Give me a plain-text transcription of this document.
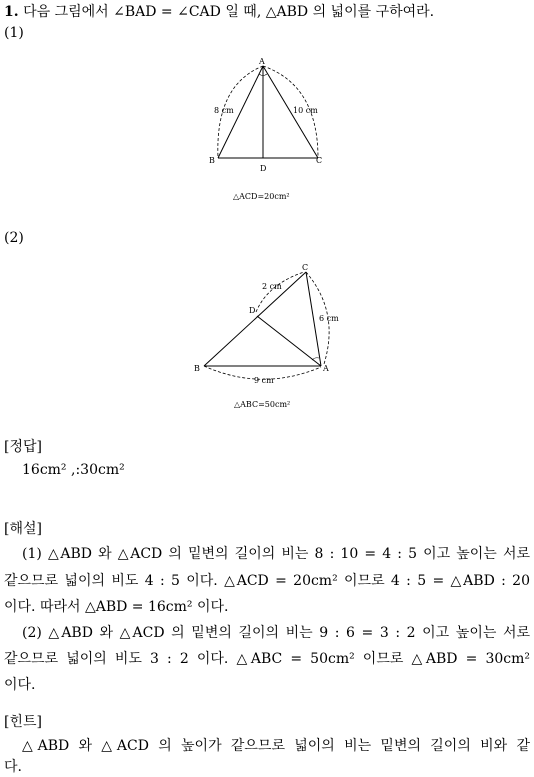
1. 다음 그림에서 ∠BAD = ∠CAD 일 때, △ABD 의 넓이를 구하여라.
(1)
A
B	C
D
8 cm	10 cm
△ACD=20cm²
(2)
C
D
B	A
2 cm
6 cm
9 cm
△ABC=50cm²
[정답]
16cm² ,:30cm²
[해설]
(1) △ABD 와 △ACD 의 밑변의 길이의 비는 8 : 10 = 4 : 5 이고 높이는 서로
같으므로 넓이의 비도 4 : 5 이다. △ACD = 20cm² 이므로 4 : 5 = △ABD : 20
이다. 따라서 △ABD = 16cm² 이다.
(2) △ABD 와 △ACD 의 밑변의 길이의 비는 9 : 6 = 3 : 2 이고 높이는 서로
같으므로 넓이의 비도 3 : 2 이다. △ABC = 50cm² 이므로 △ABD = 30cm²
이다.
[힌트]
△ABD 와 △ACD 의 높이가 같으므로 넓이의 비는 밑변의 길이의 비와 같
다.
